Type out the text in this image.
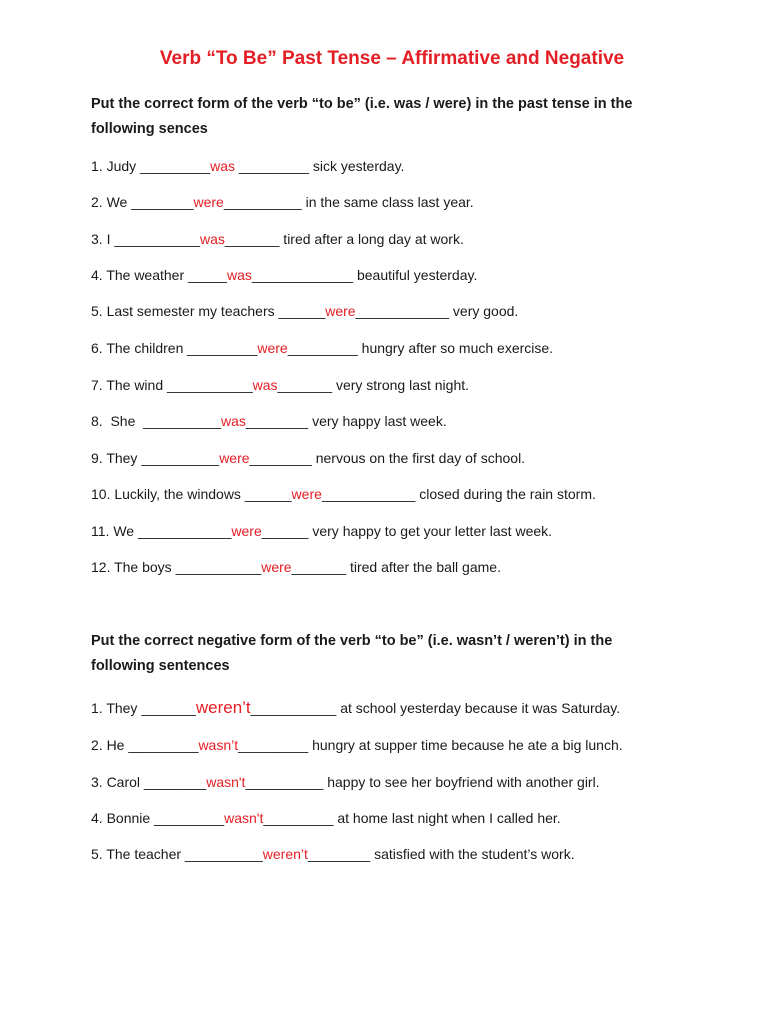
Verb “To Be” Past Tense – Affirmative and Negative
Put the correct form of the verb “to be” (i.e. was / were) in the past tense in the following sences
1. Judy _________was _________ sick yesterday.
2. We ________were__________ in the same class last year.
3. I ___________was_______ tired after a long day at work.
4. The weather _____was_____________ beautiful yesterday.
5. Last semester my teachers ______were____________ very good.
6. The children _________were_________ hungry after so much exercise.
7. The wind ___________was_______ very strong last night.
8.  She  __________was________ very happy last week.
9. They __________were________ nervous on the first day of school.
10. Luckily, the windows ______were____________ closed during the rain storm.
11. We ____________were______ very happy to get your letter last week.
12. The boys ___________were_______ tired after the ball game.
Put the correct negative form of the verb “to be” (i.e. wasn’t / weren’t) in the following sentences
1. They _______weren’t___________ at school yesterday because it was Saturday.
2. He _________wasn’t_________ hungry at supper time because he ate a big lunch.
3. Carol ________wasn't__________ happy to see her boyfriend with another girl.
4. Bonnie _________wasn't_________ at home last night when I called her.
5. The teacher __________weren’t________ satisfied with the student’s work.
